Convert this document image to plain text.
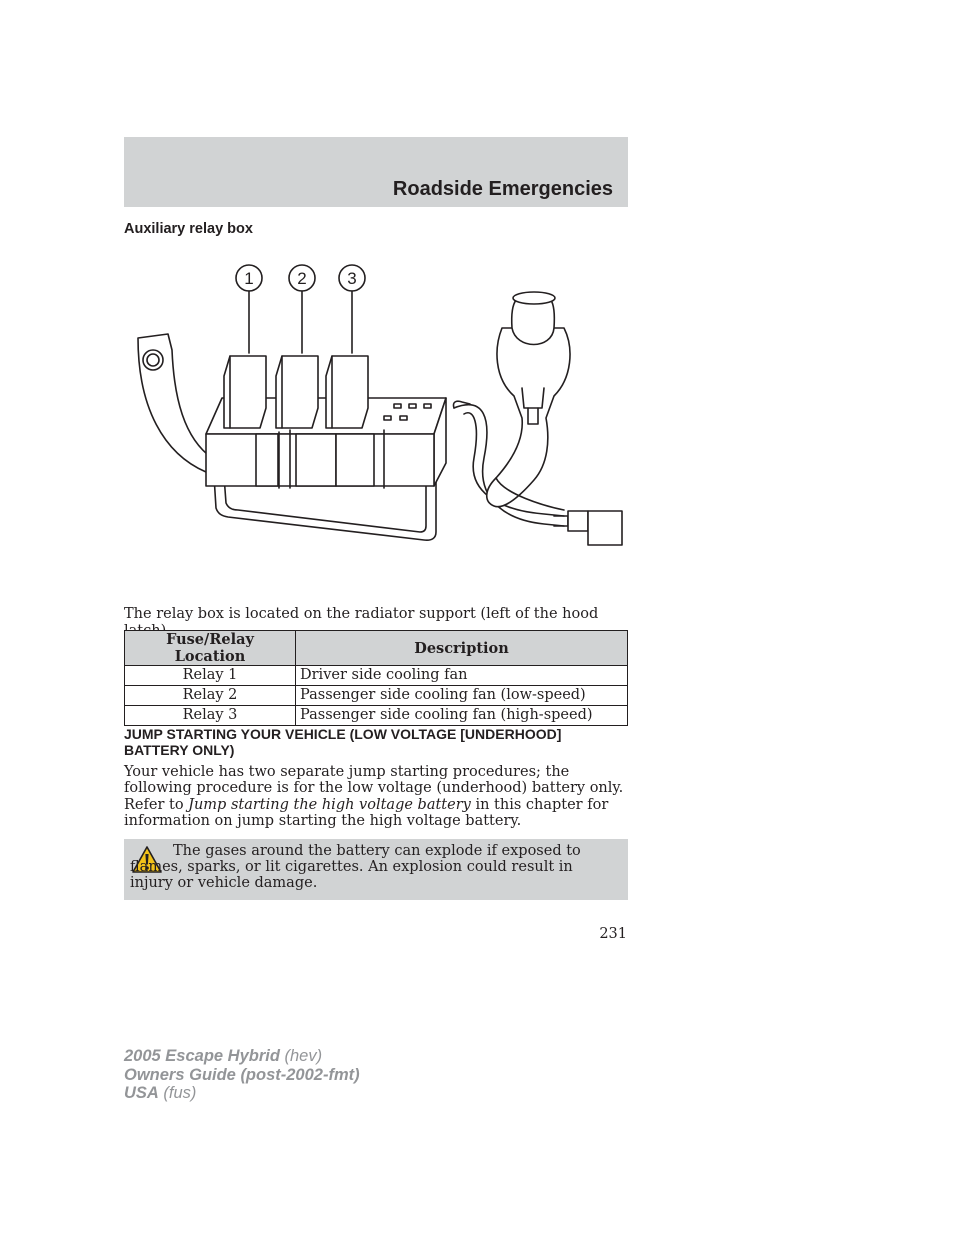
Roadside Emergencies
Auxiliary relay box
1	2 3
The relay box is located on the radiator support (left of the hood
Fuse/Relay Location	Description
Relay 1	Driver side cooling fan
Relay 2	Passenger side cooling fan (low-speed)
Relay 3	Passenger side cooling fan (high-speed)
JUMP STARTING YOUR VEHICLE (LOW VOLTAGE [UNDERHOOD] BATTERY ONLY)
Your vehicle has two separate jump starting procedures; the following procedure is for the low voltage (underhood) battery only. Refer to Jump starting the high voltage battery in this chapter for information on jump starting the high voltage battery.
The gases around the battery can explode if exposed to flames, sparks, or lit cigarettes. An explosion could result in injury or vehicle damage.
231
2005 Escape Hybrid (hev)
Owners Guide (post-2002-fmt)
USA (fus)
